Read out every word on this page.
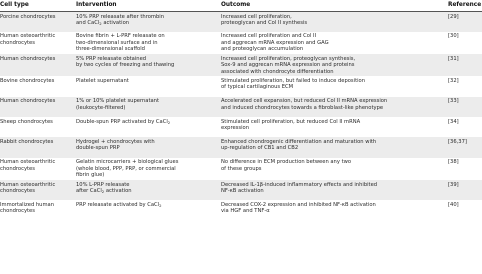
Cell type	Intervention	Outcome	Reference

Porcine chondrocytes	10% PRP releasate after thrombin
and CaCl$_2$ activation	Increased cell proliferation,
proteoglycan and Col II synthesis	[29]

Human osteoarthritic
chondrocytes	Bovine fibrin + L-PRF releasate on
two-dimensional surface and in
three-dimensional scaffold	Increased cell proliferation and Col II
and aggrecan mRNA expression and GAG
and proteoglycan accumulation	[30]

Human chondrocytes	5% PRP releasate obtained
by two cycles of freezing and thawing	Increased cell proliferation, proteoglycan synthesis,
Sox-9 and aggrecan mRNA expression and proteins
associated with chondrocyte differentiation	[31]

Bovine chondrocytes	Platelet supernatant	Stimulated proliferation, but failed to induce deposition
of typical cartilaginous ECM	[32]

Human chondrocytes	1% or 10% platelet supernatant
(leukocyte-filtered)	Accelerated cell expansion, but reduced Col II mRNA expression
and induced chondrocytes towards a fibroblast-like phenotype	[33]

Sheep chondrocytes	Double-spun PRP activated by CaCl$_2$	Stimulated cell proliferation, but reduced Col II mRNA
expression	[34]

Rabbit chondrocytes	Hydrogel + chondrocytes with
double-spun PRP	Enhanced chondrogenic differentiation and maturation with
up-regulation of CB1 and CB2	[36,37]

Human osteoarthritic
chondrocytes	Gelatin microcarriers + biological glues
(whole blood, PPP, PRP, or commercial
fibrin glue)	No difference in ECM production between any two
of these groups	[38]

Human osteoarthritic
chondrocytes	10% L-PRP releasate
after CaCl$_2$ activation	Decreased IL-1β-induced inflammatory effects and inhibited
NF-κB activation	[39]

Immortalized human
chondrocytes	PRP releasate activated by CaCl$_2$	Decreased COX-2 expression and inhibited NF-κB activation
via HGF and TNF-α	[40]
